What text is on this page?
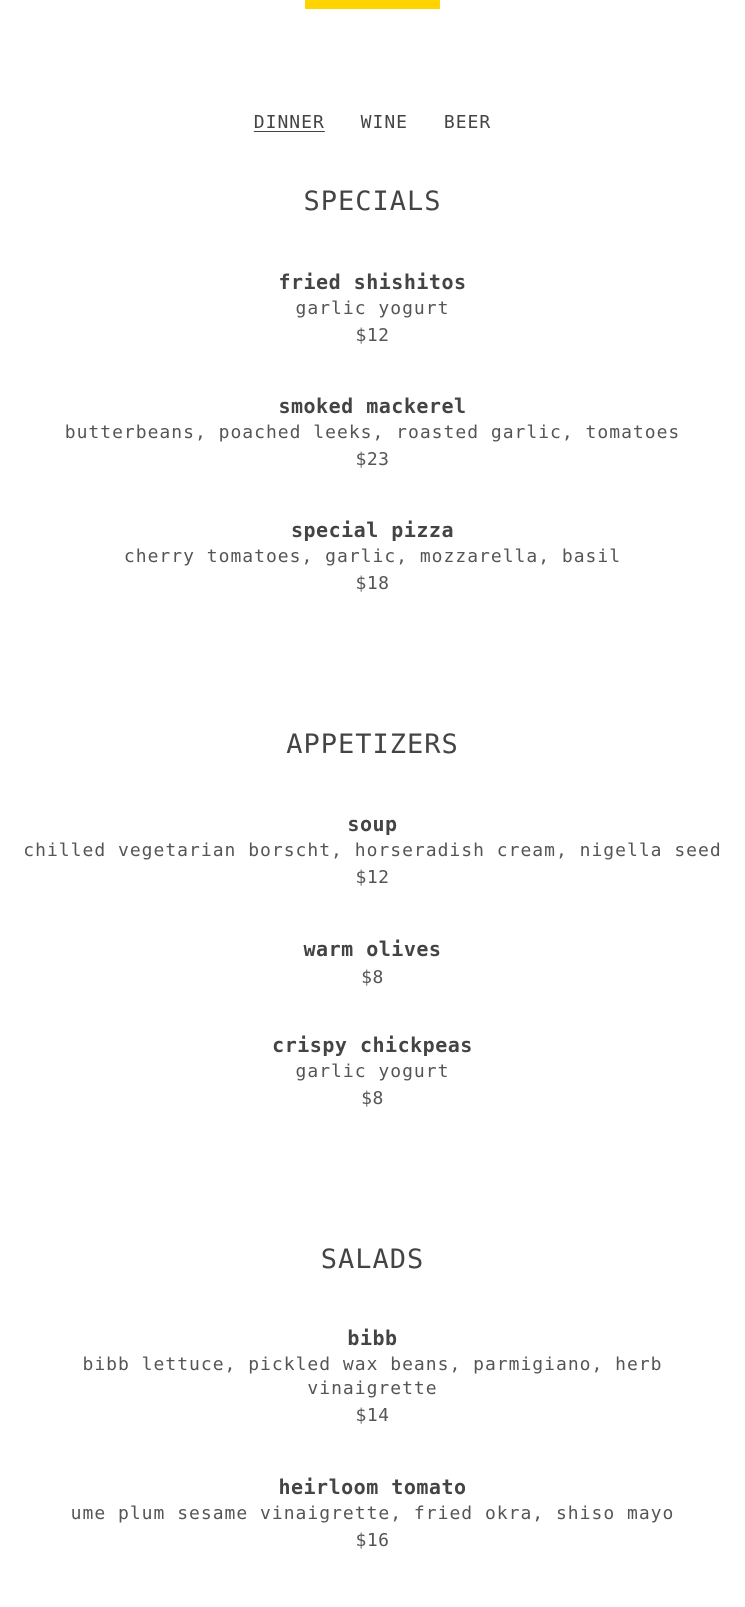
DINNER WINE BEER
SPECIALS
fried shishitos
garlic yogurt
$12
smoked mackerel
butterbeans, poached leeks, roasted garlic, tomatoes
$23
special pizza
cherry tomatoes, garlic, mozzarella, basil
$18
APPETIZERS
soup
chilled vegetarian borscht, horseradish cream, nigella seed
$12
warm olives
$8
crispy chickpeas
garlic yogurt
$8
SALADS
bibb
bibb lettuce, pickled wax beans, parmigiano, herb vinaigrette
$14
heirloom tomato
ume plum sesame vinaigrette, fried okra, shiso mayo
$16
